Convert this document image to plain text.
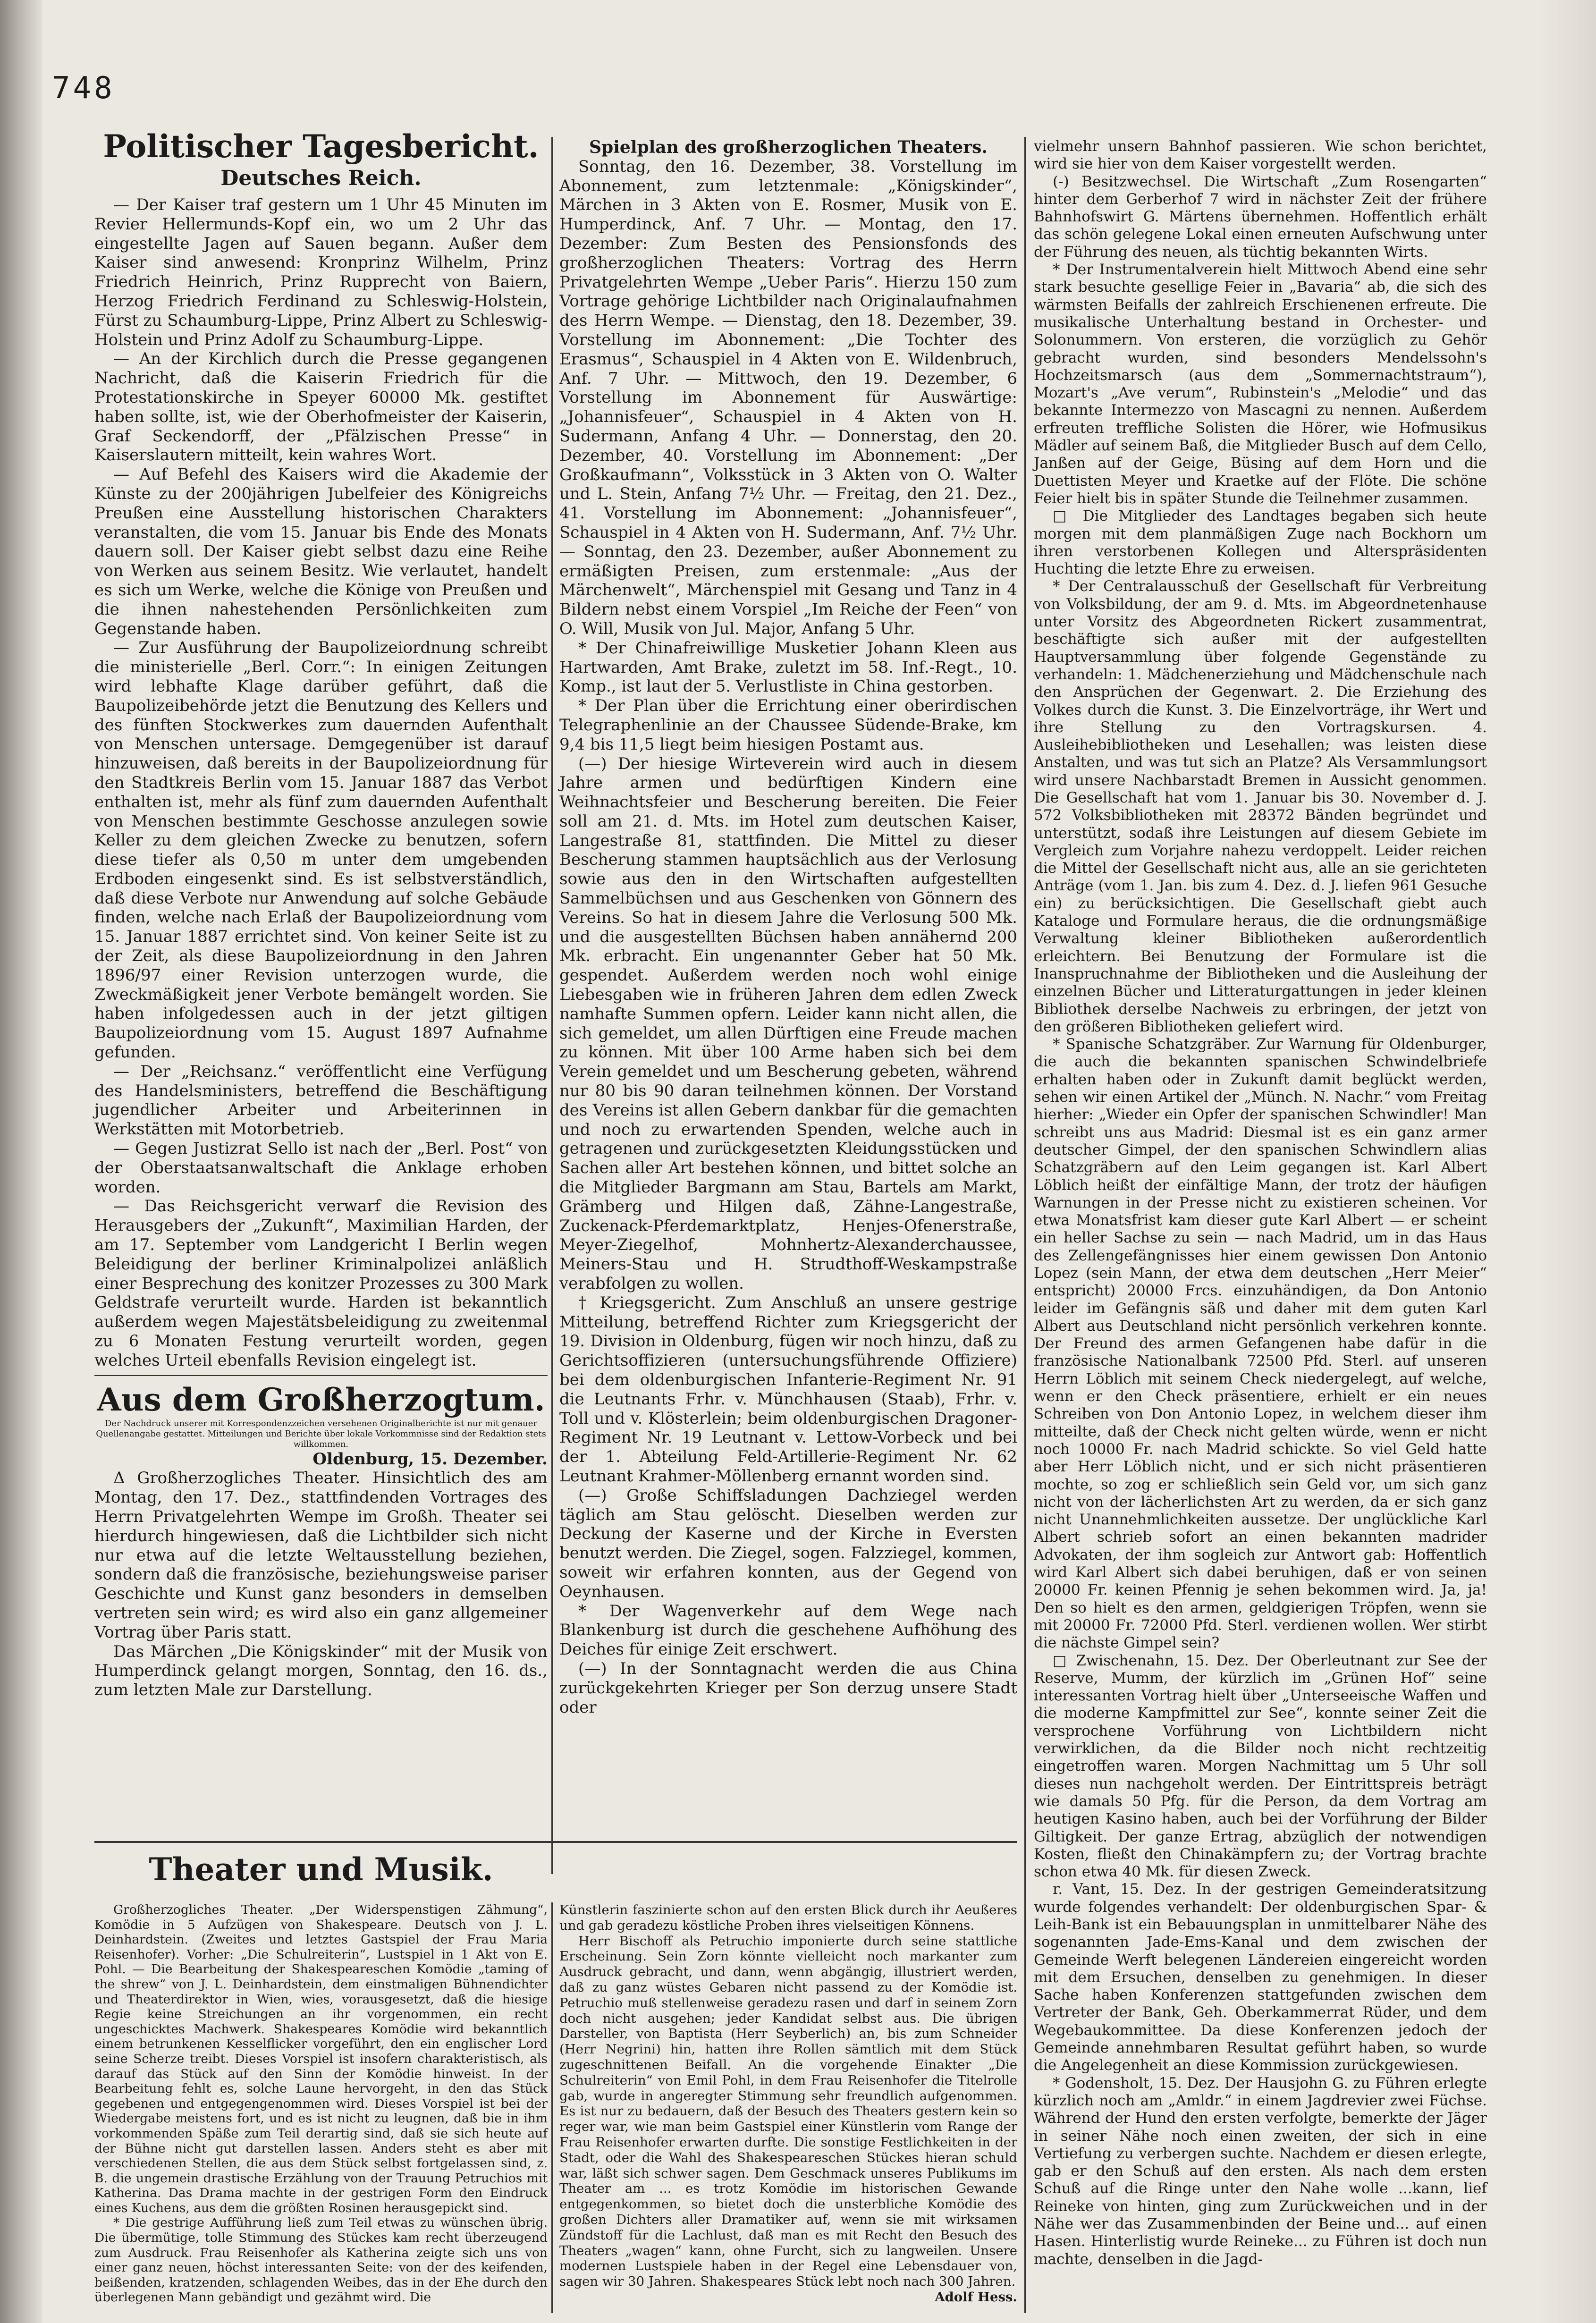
748
Politischer Tagesbericht.
Deutsches Reich.

— Der Kaiser traf gestern um 1 Uhr 45 Minuten im Revier Hellermunds-Kopf ein, wo um 2 Uhr das eingestellte Jagen auf Sauen begann. Außer dem Kaiser sind anwesend: Kronprinz Wilhelm, Prinz Friedrich Heinrich, Prinz Rupprecht von Baiern, Herzog Friedrich Ferdinand zu Schleswig-Holstein, Fürst zu Schaumburg-Lippe, Prinz Albert zu Schleswig-Holstein und Prinz Adolf zu Schaumburg-Lippe.

— An der Kirchlich durch die Presse gegangenen Nachricht, daß die Kaiserin Friedrich für die Protestationskirche in Speyer 60000 Mk. gestiftet haben sollte, ist, wie der Oberhofmeister der Kaiserin, Graf Seckendorff, der „Pfälzischen Presse“ in Kaiserslautern mitteilt, kein wahres Wort.

— Auf Befehl des Kaisers wird die Akademie der Künste zu der 200jährigen Jubelfeier des Königreichs Preußen eine Ausstellung historischen Charakters veranstalten, die vom 15. Januar bis Ende des Monats dauern soll. Der Kaiser giebt selbst dazu eine Reihe von Werken aus seinem Besitz. Wie verlautet, handelt es sich um Werke, welche die Könige von Preußen und die ihnen nahestehenden Persönlichkeiten zum Gegenstande haben.

— Zur Ausführung der Baupolizeiordnung schreibt die ministerielle „Berl. Corr.“: In einigen Zeitungen wird lebhafte Klage darüber geführt, daß die Baupolizeibehörde jetzt die Benutzung des Kellers und des fünften Stockwerkes zum dauernden Aufenthalt von Menschen untersage. Demgegenüber ist darauf hinzuweisen, daß bereits in der Baupolizeiordnung für den Stadtkreis Berlin vom 15. Januar 1887 das Verbot enthalten ist, mehr als fünf zum dauernden Aufenthalt von Menschen bestimmte Geschosse anzulegen sowie Keller zu dem gleichen Zwecke zu benutzen, sofern diese tiefer als 0,50 m unter dem umgebenden Erdboden eingesenkt sind. Es ist selbstverständlich, daß diese Verbote nur Anwendung auf solche Gebäude finden, welche nach Erlaß der Baupolizeiordnung vom 15. Januar 1887 errichtet sind. Von keiner Seite ist zu der Zeit, als diese Baupolizeiordnung in den Jahren 1896/97 einer Revision unterzogen wurde, die Zweckmäßigkeit jener Verbote bemängelt worden. Sie haben infolgedessen auch in der jetzt giltigen Baupolizeiordnung vom 15. August 1897 Aufnahme gefunden.

— Der „Reichsanz.“ veröffentlicht eine Verfügung des Handelsministers, betreffend die Beschäftigung jugendlicher Arbeiter und Arbeiterinnen in Werkstätten mit Motorbetrieb.

— Gegen Justizrat Sello ist nach der „Berl. Post“ von der Oberstaatsanwaltschaft die Anklage erhoben worden.

— Das Reichsgericht verwarf die Revision des Herausgebers der „Zukunft“, Maximilian Harden, der am 17. September vom Landgericht I Berlin wegen Beleidigung der berliner Kriminalpolizei anläßlich einer Besprechung des konitzer Prozesses zu 300 Mark Geldstrafe verurteilt wurde. Harden ist bekanntlich außerdem wegen Majestätsbeleidigung zu zweitenmal zu 6 Monaten Festung verurteilt worden, gegen welches Urteil ebenfalls Revision eingelegt ist.

Aus dem Großherzogtum.
Der Nachdruck unserer mit Korrespondenzzeichen versehenen Originalberichte ist nur mit genauer Quellenangabe gestattet. Mitteilungen und Berichte über lokale Vorkommnisse sind der Redaktion stets willkommen.
Oldenburg, 15. Dezember.

Δ Großherzogliches Theater. Hinsichtlich des am Montag, den 17. Dez., stattfindenden Vortrages des Herrn Privatgelehrten Wempe im Großh. Theater sei hierdurch hingewiesen, daß die Lichtbilder sich nicht nur etwa auf die letzte Weltausstellung beziehen, sondern daß die französische, beziehungsweise pariser Geschichte und Kunst ganz besonders in demselben vertreten sein wird; es wird also ein ganz allgemeiner Vortrag über Paris statt.

Das Märchen „Die Königskinder“ mit der Musik von Humperdinck gelangt morgen, Sonntag, den 16. ds., zum letzten Male zur Darstellung.

Spielplan des großherzoglichen Theaters.

Sonntag, den 16. Dezember, 38. Vorstellung im Abonnement, zum letztenmale: „Königskinder“, Märchen in 3 Akten von E. Rosmer, Musik von E. Humperdinck, Anf. 7 Uhr. — Montag, den 17. Dezember: Zum Besten des Pensionsfonds des großherzoglichen Theaters: Vortrag des Herrn Privatgelehrten Wempe „Ueber Paris“. Hierzu 150 zum Vortrage gehörige Lichtbilder nach Originalaufnahmen des Herrn Wempe. — Dienstag, den 18. Dezember, 39. Vorstellung im Abonnement: „Die Tochter des Erasmus“, Schauspiel in 4 Akten von E. Wildenbruch, Anf. 7 Uhr. — Mittwoch, den 19. Dezember, 6 Vorstellung im Abonnement für Auswärtige: „Johannisfeuer“, Schauspiel in 4 Akten von H. Sudermann, Anfang 4 Uhr. — Donnerstag, den 20. Dezember, 40. Vorstellung im Abonnement: „Der Großkaufmann“, Volksstück in 3 Akten von O. Walter und L. Stein, Anfang 7½ Uhr. — Freitag, den 21. Dez., 41. Vorstellung im Abonnement: „Johannisfeuer“, Schauspiel in 4 Akten von H. Sudermann, Anf. 7½ Uhr. — Sonntag, den 23. Dezember, außer Abonnement zu ermäßigten Preisen, zum erstenmale: „Aus der Märchenwelt“, Märchenspiel mit Gesang und Tanz in 4 Bildern nebst einem Vorspiel „Im Reiche der Feen“ von O. Will, Musik von Jul. Major, Anfang 5 Uhr.

* Der Chinafreiwillige Musketier Johann Kleen aus Hartwarden, Amt Brake, zuletzt im 58. Inf.-Regt., 10. Komp., ist laut der 5. Verlustliste in China gestorben.

* Der Plan über die Errichtung einer oberirdischen Telegraphenlinie an der Chaussee Südende-Brake, km 9,4 bis 11,5 liegt beim hiesigen Postamt aus.

(—) Der hiesige Wirteverein wird auch in diesem Jahre armen und bedürftigen Kindern eine Weihnachtsfeier und Bescherung bereiten. Die Feier soll am 21. d. Mts. im Hotel zum deutschen Kaiser, Langestraße 81, stattfinden. Die Mittel zu dieser Bescherung stammen hauptsächlich aus der Verlosung sowie aus den in den Wirtschaften aufgestellten Sammelbüchsen und aus Geschenken von Gönnern des Vereins. So hat in diesem Jahre die Verlosung 500 Mk. und die ausgestellten Büchsen haben annähernd 200 Mk. erbracht. Ein ungenannter Geber hat 50 Mk. gespendet. Außerdem werden noch wohl einige Liebesgaben wie in früheren Jahren dem edlen Zweck namhafte Summen opfern. Leider kann nicht allen, die sich gemeldet, um allen Dürftigen eine Freude machen zu können. Mit über 100 Arme haben sich bei dem Verein gemeldet und um Bescherung gebeten, während nur 80 bis 90 daran teilnehmen können. Der Vorstand des Vereins ist allen Gebern dankbar für die gemachten und noch zu erwartenden Spenden, welche auch in getragenen und zurückgesetzten Kleidungsstücken und Sachen aller Art bestehen können, und bittet solche an die Mitglieder Bargmann am Stau, Bartels am Markt, Grämberg und Hilgen daß, Zähne-Langestraße, Zuckenack-Pferdemarktplatz, Henjes-Ofenerstraße, Meyer-Ziegelhof, Mohnhertz-Alexanderchaussee, Meiners-Stau und H. Strudthoff-Weskampstraße verabfolgen zu wollen.

† Kriegsgericht. Zum Anschluß an unsere gestrige Mitteilung, betreffend Richter zum Kriegsgericht der 19. Division in Oldenburg, fügen wir noch hinzu, daß zu Gerichtsoffizieren (untersuchungsführende Offiziere) bei dem oldenburgischen Infanterie-Regiment Nr. 91 die Leutnants Frhr. v. Münchhausen (Staab), Frhr. v. Toll und v. Klösterlein; beim oldenburgischen Dragoner-Regiment Nr. 19 Leutnant v. Lettow-Vorbeck und bei der 1. Abteilung Feld-Artillerie-Regiment Nr. 62 Leutnant Krahmer-Möllenberg ernannt worden sind.

(—) Große Schiffsladungen Dachziegel werden täglich am Stau gelöscht. Dieselben werden zur Deckung der Kaserne und der Kirche in Eversten benutzt werden. Die Ziegel, sogen. Falzziegel, kommen, soweit wir erfahren konnten, aus der Gegend von Oeynhausen.

* Der Wagenverkehr auf dem Wege nach Blankenburg ist durch die geschehene Aufhöhung des Deiches für einige Zeit erschwert.

(—) In der Sonntagnacht werden die aus China zurückgekehrten Krieger per Son derzug unsere Stadt oder

vielmehr unsern Bahnhof passieren. Wie schon berichtet, wird sie hier von dem Kaiser vorgestellt werden.

(-) Besitzwechsel. Die Wirtschaft „Zum Rosengarten“ hinter dem Gerberhof 7 wird in nächster Zeit der frühere Bahnhofswirt G. Märtens übernehmen. Hoffentlich erhält das schön gelegene Lokal einen erneuten Aufschwung unter der Führung des neuen, als tüchtig bekannten Wirts.

* Der Instrumentalverein hielt Mittwoch Abend eine sehr stark besuchte gesellige Feier in „Bavaria“ ab, die sich des wärmsten Beifalls der zahlreich Erschienenen erfreute. Die musikalische Unterhaltung bestand in Orchester- und Solonummern. Von ersteren, die vorzüglich zu Gehör gebracht wurden, sind besonders Mendelssohn's Hochzeitsmarsch (aus dem „Sommernachtstraum“), Mozart's „Ave verum“, Rubinstein's „Melodie“ und das bekannte Intermezzo von Mascagni zu nennen. Außerdem erfreuten treffliche Solisten die Hörer, wie Hofmusikus Mädler auf seinem Baß, die Mitglieder Busch auf dem Cello, Janßen auf der Geige, Büsing auf dem Horn und die Duettisten Meyer und Kraetke auf der Flöte. Die schöne Feier hielt bis in später Stunde die Teilnehmer zusammen.

□ Die Mitglieder des Landtages begaben sich heute morgen mit dem planmäßigen Zuge nach Bockhorn um ihren verstorbenen Kollegen und Alterspräsidenten Huchting die letzte Ehre zu erweisen.

* Der Centralausschuß der Gesellschaft für Verbreitung von Volksbildung, der am 9. d. Mts. im Abgeordnetenhause unter Vorsitz des Abgeordneten Rickert zusammentrat, beschäftigte sich außer mit der aufgestellten Hauptversammlung über folgende Gegenstände zu verhandeln: 1. Mädchenerziehung und Mädchenschule nach den Ansprüchen der Gegenwart. 2. Die Erziehung des Volkes durch die Kunst. 3. Die Einzelvorträge, ihr Wert und ihre Stellung zu den Vortragskursen. 4. Ausleihebibliotheken und Lesehallen; was leisten diese Anstalten, und was tut sich an Platze? Als Versammlungsort wird unsere Nachbarstadt Bremen in Aussicht genommen. Die Gesellschaft hat vom 1. Januar bis 30. November d. J. 572 Volksbibliotheken mit 28372 Bänden begründet und unterstützt, sodaß ihre Leistungen auf diesem Gebiete im Vergleich zum Vorjahre nahezu verdoppelt. Leider reichen die Mittel der Gesellschaft nicht aus, alle an sie gerichteten Anträge (vom 1. Jan. bis zum 4. Dez. d. J. liefen 961 Gesuche ein) zu berücksichtigen. Die Gesellschaft giebt auch Kataloge und Formulare heraus, die die ordnungsmäßige Verwaltung kleiner Bibliotheken außerordentlich erleichtern. Bei Benutzung der Formulare ist die Inanspruchnahme der Bibliotheken und die Ausleihung der einzelnen Bücher und Litteraturgattungen in jeder kleinen Bibliothek derselbe Nachweis zu erbringen, der jetzt von den größeren Bibliotheken geliefert wird.

* Spanische Schatzgräber. Zur Warnung für Oldenburger, die auch die bekannten spanischen Schwindelbriefe erhalten haben oder in Zukunft damit beglückt werden, sehen wir einen Artikel der „Münch. N. Nachr.“ vom Freitag hierher: „Wieder ein Opfer der spanischen Schwindler! Man schreibt uns aus Madrid: Diesmal ist es ein ganz armer deutscher Gimpel, der den spanischen Schwindlern alias Schatzgräbern auf den Leim gegangen ist. Karl Albert Löblich heißt der einfältige Mann, der trotz der häufigen Warnungen in der Presse nicht zu existieren scheinen. Vor etwa Monatsfrist kam dieser gute Karl Albert — er scheint ein heller Sachse zu sein — nach Madrid, um in das Haus des Zellengefängnisses hier einem gewissen Don Antonio Lopez (sein Mann, der etwa dem deutschen „Herr Meier“ entspricht) 20000 Frcs. einzuhändigen, da Don Antonio leider im Gefängnis säß und daher mit dem guten Karl Albert aus Deutschland nicht persönlich verkehren konnte. Der Freund des armen Gefangenen habe dafür in die französische Nationalbank 72500 Pfd. Sterl. auf unseren Herrn Löblich mit seinem Check niedergelegt, auf welche, wenn er den Check präsentiere, erhielt er ein neues Schreiben von Don Antonio Lopez, in welchem dieser ihm mitteilte, daß der Check nicht gelten würde, wenn er nicht noch 10000 Fr. nach Madrid schickte. So viel Geld hatte aber Herr Löblich nicht, und er sich nicht präsentieren mochte, so zog er schließlich sein Geld vor, um sich ganz nicht von der lächerlichsten Art zu werden, da er sich ganz nicht Unannehmlichkeiten aussetze. Der unglückliche Karl Albert schrieb sofort an einen bekannten madrider Advokaten, der ihm sogleich zur Antwort gab: Hoffentlich wird Karl Albert sich dabei beruhigen, daß er von seinen 20000 Fr. keinen Pfennig je sehen bekommen wird. Ja, ja! Den so hielt es den armen, geldgierigen Tröpfen, wenn sie mit 20000 Fr. 72000 Pfd. Sterl. verdienen wollen. Wer stirbt die nächste Gimpel sein?

□ Zwischenahn, 15. Dez. Der Oberleutnant zur See der Reserve, Mumm, der kürzlich im „Grünen Hof“ seine interessanten Vortrag hielt über „Unterseeische Waffen und die moderne Kampfmittel zur See“, konnte seiner Zeit die versprochene Vorführung von Lichtbildern nicht verwirklichen, da die Bilder noch nicht rechtzeitig eingetroffen waren. Morgen Nachmittag um 5 Uhr soll dieses nun nachgeholt werden. Der Eintrittspreis beträgt wie damals 50 Pfg. für die Person, da dem Vortrag am heutigen Kasino haben, auch bei der Vorführung der Bilder Giltigkeit. Der ganze Ertrag, abzüglich der notwendigen Kosten, fließt den Chinakämpfern zu; der Vortrag brachte schon etwa 40 Mk. für diesen Zweck.

r. Vant, 15. Dez. In der gestrigen Gemeinderatsitzung wurde folgendes verhandelt: Der oldenburgischen Spar- & Leih-Bank ist ein Bebauungsplan in unmittelbarer Nähe des sogenannten Jade-Ems-Kanal und dem zwischen der Gemeinde Werft belegenen Ländereien eingereicht worden mit dem Ersuchen, denselben zu genehmigen. In dieser Sache haben Konferenzen stattgefunden zwischen dem Vertreter der Bank, Geh. Oberkammerrat Rüder, und dem Wegebaukommittee. Da diese Konferenzen jedoch der Gemeinde annehmbaren Resultat geführt haben, so wurde die Angelegenheit an diese Kommission zurückgewiesen.

* Godensholt, 15. Dez. Der Hausjohn G. zu Führen erlegte kürzlich noch am „Amldr.“ in einem Jagdrevier zwei Füchse. Während der Hund den ersten verfolgte, bemerkte der Jäger in seiner Nähe noch einen zweiten, der sich in eine Vertiefung zu verbergen suchte. Nachdem er diesen erlegte, gab er den Schuß auf den ersten. Als nach dem ersten Schuß auf die Ringe unter den Nahe wolle ...kann, lief Reineke von hinten, ging zum Zurückweichen und in der Nähe wer das Zusammenbinden der Beine und... auf einen Hasen. Hinterlistig wurde Reineke... zu Führen ist doch nun machte, denselben in die Jagd-

Theater und Musik.

Großherzogliches Theater. „Der Widerspenstigen Zähmung“, Komödie in 5 Aufzügen von Shakespeare. Deutsch von J. L. Deinhardstein. (Zweites und letztes Gastspiel der Frau Maria Reisenhofer). Vorher: „Die Schulreiterin“, Lustspiel in 1 Akt von E. Pohl. — Die Bearbeitung der Shakespeareschen Komödie „taming of the shrew“ von J. L. Deinhardstein, dem einstmaligen Bühnendichter und Theaterdirektor in Wien, wies, vorausgesetzt, daß die hiesige Regie keine Streichungen an ihr vorgenommen, ein recht ungeschicktes Machwerk. Shakespeares Komödie wird bekanntlich einem betrunkenen Kesselflicker vorgeführt, den ein englischer Lord seine Scherze treibt. Dieses Vorspiel ist insofern charakteristisch, als darauf das Stück auf den Sinn der Komödie hinweist. In der Bearbeitung fehlt es, solche Laune hervorgeht, in den das Stück gegebenen und entgegengenommen wird. Dieses Vorspiel ist bei der Wiedergabe meistens fort, und es ist nicht zu leugnen, daß bie in ihm vorkommenden Späße zum Teil derartig sind, daß sie sich heute auf der Bühne nicht gut darstellen lassen. Anders steht es aber mit verschiedenen Stellen, die aus dem Stück selbst fortgelassen sind, z. B. die ungemein drastische Erzählung von der Trauung Petruchios mit Katherina. Das Drama machte in der gestrigen Form den Eindruck eines Kuchens, aus dem die größten Rosinen herausgepickt sind.

* Die gestrige Aufführung ließ zum Teil etwas zu wünschen übrig. Die übermütige, tolle Stimmung des Stückes kam recht überzeugend zum Ausdruck. Frau Reisenhofer als Katherina zeigte sich uns von einer ganz neuen, höchst interessanten Seite: von der des keifenden, beißenden, kratzenden, schlagenden Weibes, das in der Ehe durch den überlegenen Mann gebändigt und gezähmt wird. Die

Künstlerin faszinierte schon auf den ersten Blick durch ihr Aeußeres und gab geradezu köstliche Proben ihres vielseitigen Könnens.

Herr Bischoff als Petruchio imponierte durch seine stattliche Erscheinung. Sein Zorn könnte vielleicht noch markanter zum Ausdruck gebracht, und dann, wenn abgängig, illustriert werden, daß zu ganz wüstes Gebaren nicht passend zu der Komödie ist. Petruchio muß stellenweise geradezu rasen und darf in seinem Zorn doch nicht ausgehen; jeder Kandidat selbst aus. Die übrigen Darsteller, von Baptista (Herr Seyberlich) an, bis zum Schneider (Herr Negrini) hin, hatten ihre Rollen sämtlich mit dem Stück zugeschnittenen Beifall. An die vorgehende Einakter „Die Schulreiterin“ von Emil Pohl, in dem Frau Reisenhofer die Titelrolle gab, wurde in angeregter Stimmung sehr freundlich aufgenommen. Es ist nur zu bedauern, daß der Besuch des Theaters gestern kein so reger war, wie man beim Gastspiel einer Künstlerin vom Range der Frau Reisenhofer erwarten durfte. Die sonstige Festlichkeiten in der Stadt, oder die Wahl des Shakespeareschen Stückes hieran schuld war, läßt sich schwer sagen. Dem Geschmack unseres Publikums im Theater am ... es trotz Komödie im historischen Gewande entgegenkommen, so bietet doch die unsterbliche Komödie des großen Dichters aller Dramatiker auf, wenn sie mit wirksamen Zündstoff für die Lachlust, daß man es mit Recht den Besuch des Theaters „wagen“ kann, ohne Furcht, sich zu langweilen. Unsere modernen Lustspiele haben in der Regel eine Lebensdauer von, sagen wir 30 Jahren. Shakespeares Stück lebt noch nach 300 Jahren.

Adolf Hess.
